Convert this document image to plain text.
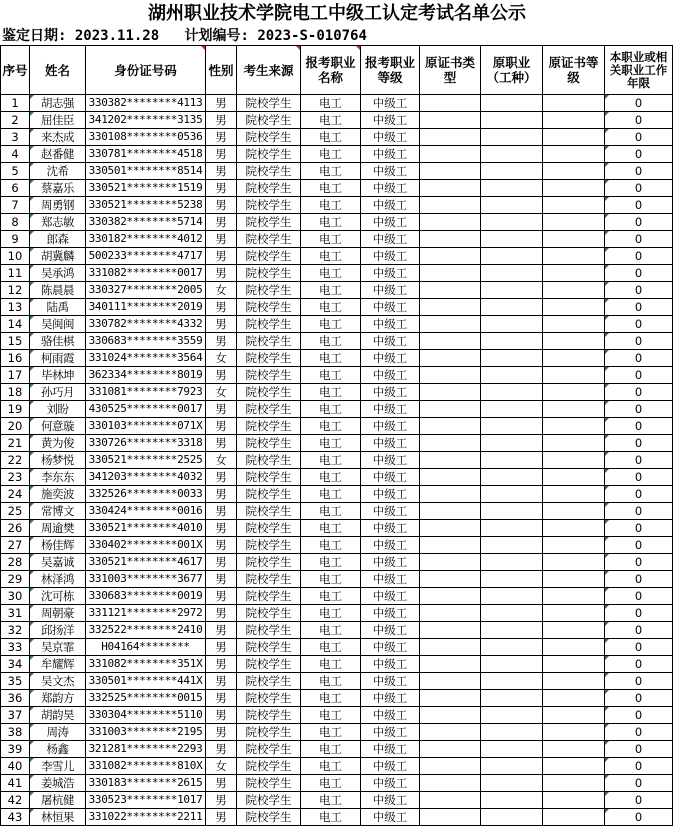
湖州职业技术学院电工中级工认定考试名单公示
鉴定日期: 2023.11.28 计划编号: 2023-S-010764
序号	姓名	身份证号码	性别	考生来源	报考职业名称	报考职业等级	原证书类型	原职业（工种）	原证书等级	本职业或相关职业工作年限
1	胡志强	330382********4113	男	院校学生	电工	中级工				0
2	屈佳臣	341202********3135	男	院校学生	电工	中级工				0
3	来杰成	330108********0536	男	院校学生	电工	中级工				0
4	赵番健	330781********4518	男	院校学生	电工	中级工				0
5	沈希	330501********8514	男	院校学生	电工	中级工				0
6	蔡嘉乐	330521********1519	男	院校学生	电工	中级工				0
7	周勇钢	330521********5238	男	院校学生	电工	中级工				0
8	郑志敏	330382********5714	男	院校学生	电工	中级工				0
9	郎森	330182********4012	男	院校学生	电工	中级工				0
10	胡冀麟	500233********4717	男	院校学生	电工	中级工				0
11	吴承鸿	331082********0017	男	院校学生	电工	中级工				0
12	陈晨晨	330327********2005	女	院校学生	电工	中级工				0
13	陆禹	340111********2019	男	院校学生	电工	中级工				0
14	吴闽闽	330782********4332	男	院校学生	电工	中级工				0
15	骆佳棋	330683********3559	男	院校学生	电工	中级工				0
16	柯雨霞	331024********3564	女	院校学生	电工	中级工				0
17	毕林坤	362334********8019	男	院校学生	电工	中级工				0
18	孙巧月	331081********7923	女	院校学生	电工	中级工				0
19	刘盼	430525********0017	男	院校学生	电工	中级工				0
20	何意璇	330103********071X	男	院校学生	电工	中级工				0
21	黄为俊	330726********3318	男	院校学生	电工	中级工				0
22	杨梦悦	330521********2525	女	院校学生	电工	中级工				0
23	李东东	341203********4032	男	院校学生	电工	中级工				0
24	施奕波	332526********0033	男	院校学生	电工	中级工				0
25	常博文	330424********0016	男	院校学生	电工	中级工				0
26	周逾樊	330521********4010	男	院校学生	电工	中级工				0
27	杨佳辉	330402********001X	男	院校学生	电工	中级工				0
28	吴嘉诚	330521********4617	男	院校学生	电工	中级工				0
29	林泽鸿	331003********3677	男	院校学生	电工	中级工				0
30	沈可栋	330683********0019	男	院校学生	电工	中级工				0
31	周朝豪	331121********2972	男	院校学生	电工	中级工				0
32	邱扬洋	332522********2410	男	院校学生	电工	中级工				0
33	吴京霏	H04164********	男	院校学生	电工	中级工				0
34	牟耀辉	331082********351X	男	院校学生	电工	中级工				0
35	吴文杰	330501********441X	男	院校学生	电工	中级工				0
36	郑韵方	332525********0015	男	院校学生	电工	中级工				0
37	胡韵昊	330304********5110	男	院校学生	电工	中级工				0
38	周涛	331003********2195	男	院校学生	电工	中级工				0
39	杨鑫	321281********2293	男	院校学生	电工	中级工				0
40	李雪儿	331082********810X	女	院校学生	电工	中级工				0
41	姜城浩	330183********2615	男	院校学生	电工	中级工				0
42	屠杭健	330523********1017	男	院校学生	电工	中级工				0
43	林恒果	331022********2211	男	院校学生	电工	中级工				0
